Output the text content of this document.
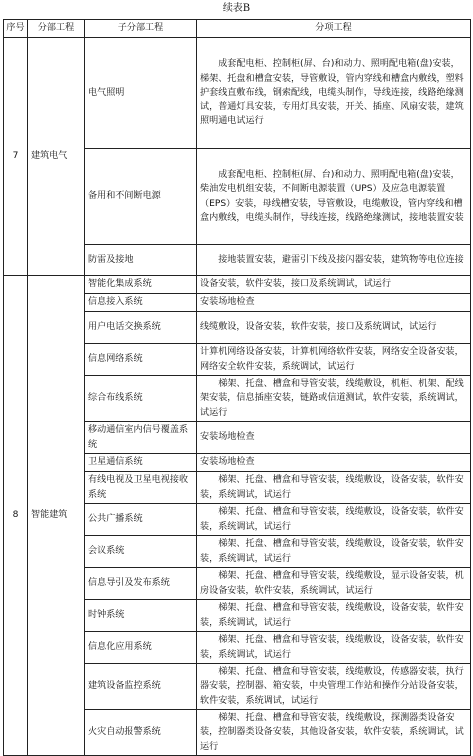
续表B
序号	分部工程	子分部工程	分项工程
7	建筑电气	电气照明	成套配电柜、控制柜(屏、台)和动力、照明配电箱(盘)安装，梯架、托盘和槽盒安装，导管敷设，管内穿线和槽盒内敷线，塑料护套线直敷布线，钢索配线，电缆头制作，导线连接，线路绝缘测试，普通灯具安装，专用灯具安装，开关、插座、风扇安装，建筑照明通电试运行
		备用和不间断电源	成套配电柜、控制柜(屏、台)和动力、照明配电箱(盘)安装，柴油发电机组安装，不间断电源装置（UPS）及应急电源装置（EPS）安装，母线槽安装，导管敷设，电缆敷设，管内穿线和槽盒内敷线，电缆头制作，导线连接，线路绝缘测试，接地装置安装
		防雷及接地	接地装置安装，避雷引下线及接闪器安装，建筑物等电位连接
8	智能建筑	智能化集成系统	设备安装，软件安装，接口及系统调试，试运行
		信息接入系统	安装场地检查
		用户电话交换系统	线缆敷设，设备安装，软件安装，接口及系统调试，试运行
		信息网络系统	计算机网络设备安装，计算机网络软件安装，网络安全设备安装，网络安全软件安装，系统调试，试运行
		综合布线系统	梯架、托盘、槽盒和导管安装，线缆敷设，机柜、机架、配线架安装，信息插座安装，链路或信道测试，软件安装，系统调试，试运行
		移动通信室内信号覆盖系统	安装场地检查
		卫星通信系统	安装场地检查
		有线电视及卫星电视接收系统	梯架、托盘、槽盒和导管安装，线缆敷设，设备安装，软件安装，系统调试，试运行
		公共广播系统	梯架、托盘、槽盒和导管安装，线缆敷设，设备安装，软件安装，系统调试，试运行
		会议系统	梯架、托盘、槽盒和导管安装，线缆敷设，设备安装，软件安装，系统调试，试运行
		信息导引及发布系统	梯架、托盘、槽盒和导管安装，线缆敷设，显示设备安装，机房设备安装，软件安装，系统调试，试运行
		时钟系统	梯架、托盘、槽盒和导管安装，线缆敷设，设备安装，软件安装，系统调试，试运行
		信息化应用系统	梯架、托盘、槽盒和导管安装，线缆敷设，设备安装，软件安装，系统调试，试运行
		建筑设备监控系统	梯架、托盘、槽盒和导管安装，线缆敷设，传感器安装，执行器安装，控制器、箱安装，中央管理工作站和操作分站设备安装，软件安装，系统调试，试运行
		火灾自动报警系统	梯架、托盘、槽盒和导管安装，线缆敷设，探测器类设备安装，控制器类设备安装，其他设备安装，软件安装，系统调试，试运行
